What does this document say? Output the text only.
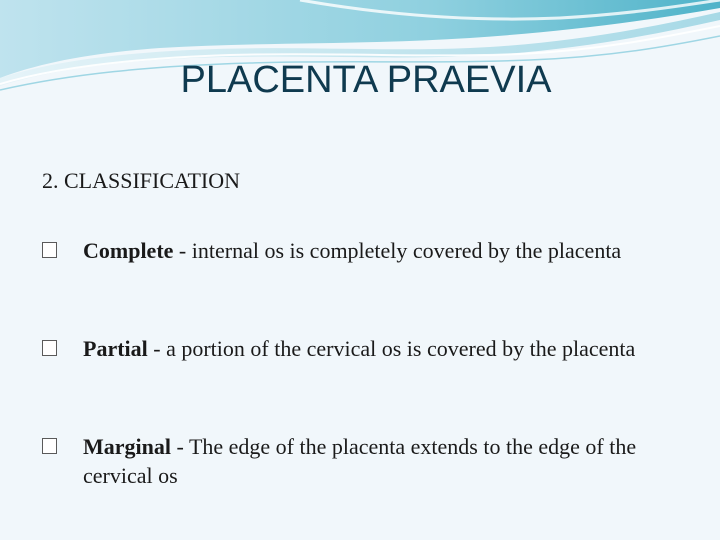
PLACENTA PRAEVIA
2. CLASSIFICATION
Complete - internal os is completely covered by the placenta
Partial - a portion of the cervical os is covered by the placenta
Marginal - The edge of the placenta extends to the edge of the cervical os
